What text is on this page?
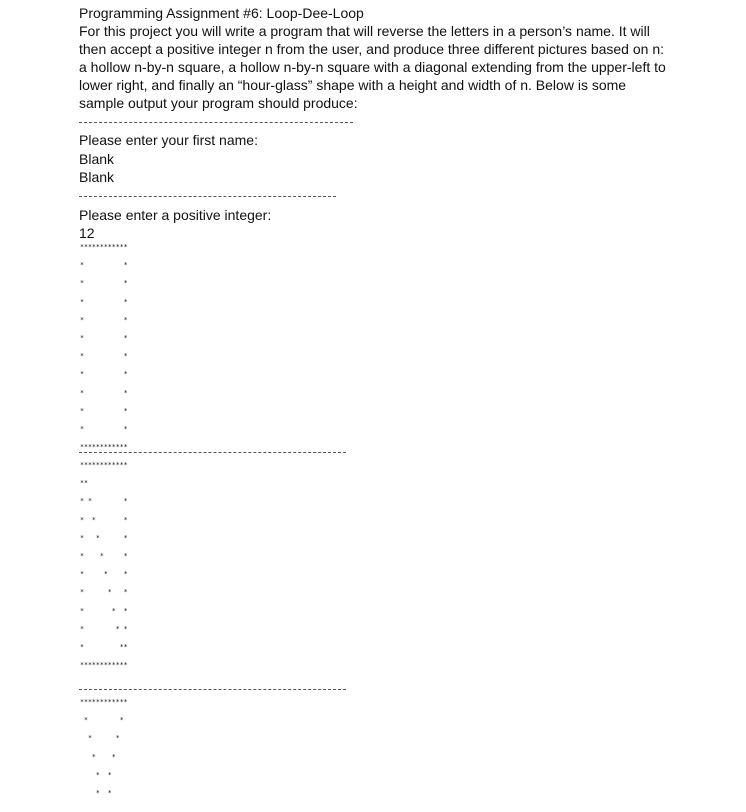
Programming Assignment #6: Loop-Dee-Loop
For this project you will write a program that will reverse the letters in a person’s name. It will
then accept a positive integer n from the user, and produce three different pictures based on n:
a hollow n-by-n square, a hollow n-by-n square with a diagonal extending from the upper-left to
lower right, and finally an “hour-glass” shape with a height and width of n. Below is some
sample output your program should produce:
Please enter your first name:
Blank
Blank
Please enter a positive integer:
12
************
*          *
*          *
*          *
*          *
*          *
*          *
*          *
*          *
*          *
*          *
************
************
**
* *        *
*  *       *
*   *      *
*    *     *
*     *    *
*      *   *
*       *  *
*        * *
*         **
************
************
*        *
*      *
*    *
*  *
*  *
